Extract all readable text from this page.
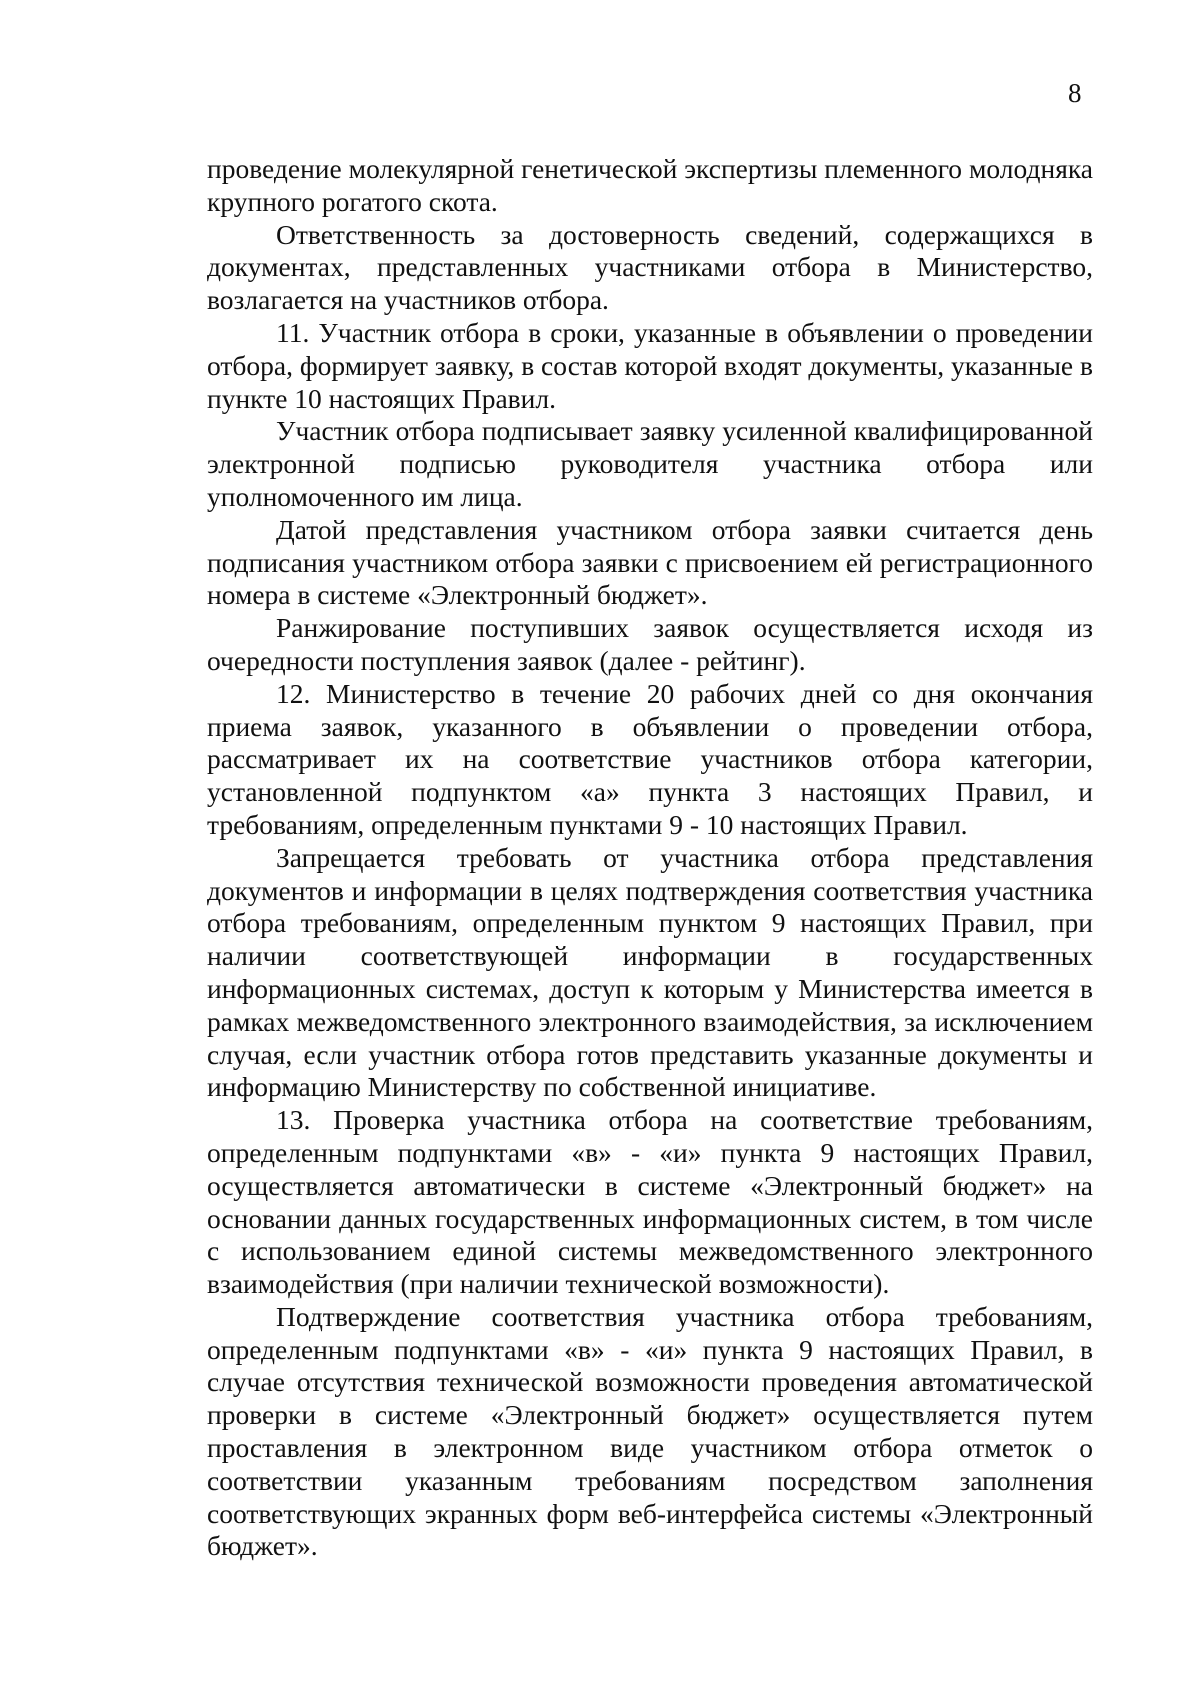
8

проведение молекулярной генетической экспертизы племенного молодняка крупного рогатого скота.

Ответственность за достоверность сведений, содержащихся в документах, представленных участниками отбора в Министерство, возлагается на участников отбора.

11. Участник отбора в сроки, указанные в объявлении о проведении отбора, формирует заявку, в состав которой входят документы, указанные в пункте 10 настоящих Правил.

Участник отбора подписывает заявку усиленной квалифицированной электронной подписью руководителя участника отбора или уполномоченного им лица.

Датой представления участником отбора заявки считается день подписания участником отбора заявки с присвоением ей регистрационного номера в системе «Электронный бюджет».

Ранжирование поступивших заявок осуществляется исходя из очередности поступления заявок (далее - рейтинг).

12. Министерство в течение 20 рабочих дней со дня окончания приема заявок, указанного в объявлении о проведении отбора, рассматривает их на соответствие участников отбора категории, установленной подпунктом «а» пункта 3 настоящих Правил, и требованиям, определенным пунктами 9 - 10 настоящих Правил.

Запрещается требовать от участника отбора представления документов и информации в целях подтверждения соответствия участника отбора требованиям, определенным пунктом 9 настоящих Правил, при наличии соответствующей информации в государственных информационных системах, доступ к которым у Министерства имеется в рамках межведомственного электронного взаимодействия, за исключением случая, если участник отбора готов представить указанные документы и информацию Министерству по собственной инициативе.

13. Проверка участника отбора на соответствие требованиям, определенным подпунктами «в» - «и» пункта 9 настоящих Правил, осуществляется автоматически в системе «Электронный бюджет» на основании данных государственных информационных систем, в том числе с использованием единой системы межведомственного электронного взаимодействия (при наличии технической возможности).

Подтверждение соответствия участника отбора требованиям, определенным подпунктами «в» - «и» пункта 9 настоящих Правил, в случае отсутствия технической возможности проведения автоматической проверки в системе «Электронный бюджет» осуществляется путем проставления в электронном виде участником отбора отметок о соответствии указанным требованиям посредством заполнения соответствующих экранных форм веб-интерфейса системы «Электронный бюджет».
